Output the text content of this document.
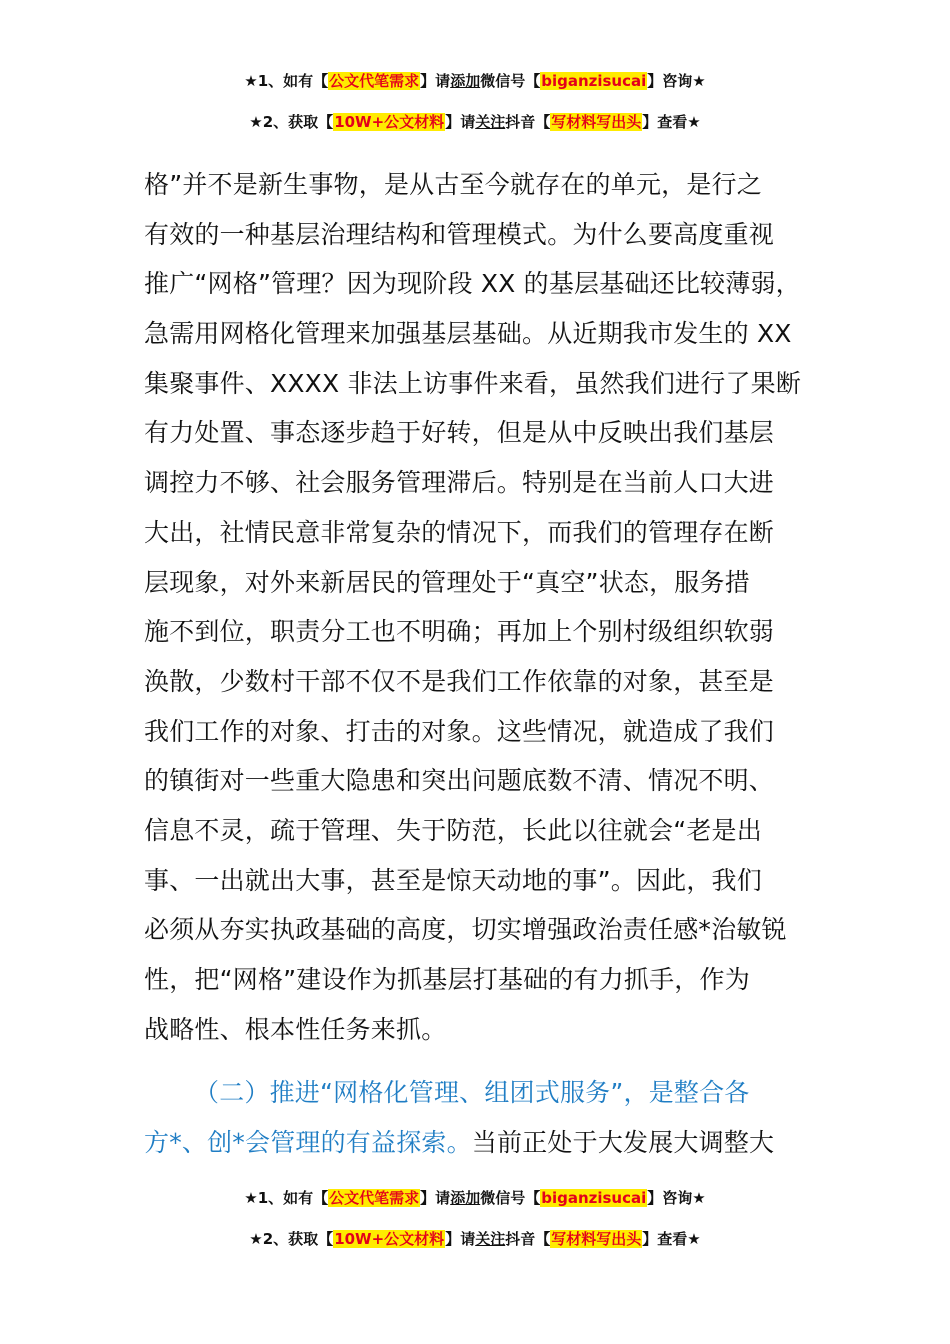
★1、如有【公文代笔需求】请添加微信号【biganzisucai】咨询★
★2、获取【10W+公文材料】请关注抖音【写材料写出头】查看★
格”并不是新生事物，是从古至今就存在的单元，是行之
有效的一种基层治理结构和管理模式。为什么要高度重视
推广“网格”管理？因为现阶段 XX 的基层基础还比较薄弱，
急需用网格化管理来加强基层基础。从近期我市发生的 XX
集聚事件、XXXX 非法上访事件来看，虽然我们进行了果断
有力处置、事态逐步趋于好转，但是从中反映出我们基层
调控力不够、社会服务管理滞后。特别是在当前人口大进
大出，社情民意非常复杂的情况下，而我们的管理存在断
层现象，对外来新居民的管理处于“真空”状态，服务措
施不到位，职责分工也不明确；再加上个别村级组织软弱
涣散，少数村干部不仅不是我们工作依靠的对象，甚至是
我们工作的对象、打击的对象。这些情况，就造成了我们
的镇街对一些重大隐患和突出问题底数不清、情况不明、
信息不灵，疏于管理、失于防范，长此以往就会“老是出
事、一出就出大事，甚至是惊天动地的事”。因此，我们
必须从夯实执政基础的高度，切实增强政治责任感*治敏锐
性，把“网格”建设作为抓基层打基础的有力抓手，作为
战略性、根本性任务来抓。
（二）推进“网格化管理、组团式服务”，是整合各
方*、创*会管理的有益探索。当前正处于大发展大调整大
★1、如有【公文代笔需求】请添加微信号【biganzisucai】咨询★
★2、获取【10W+公文材料】请关注抖音【写材料写出头】查看★
